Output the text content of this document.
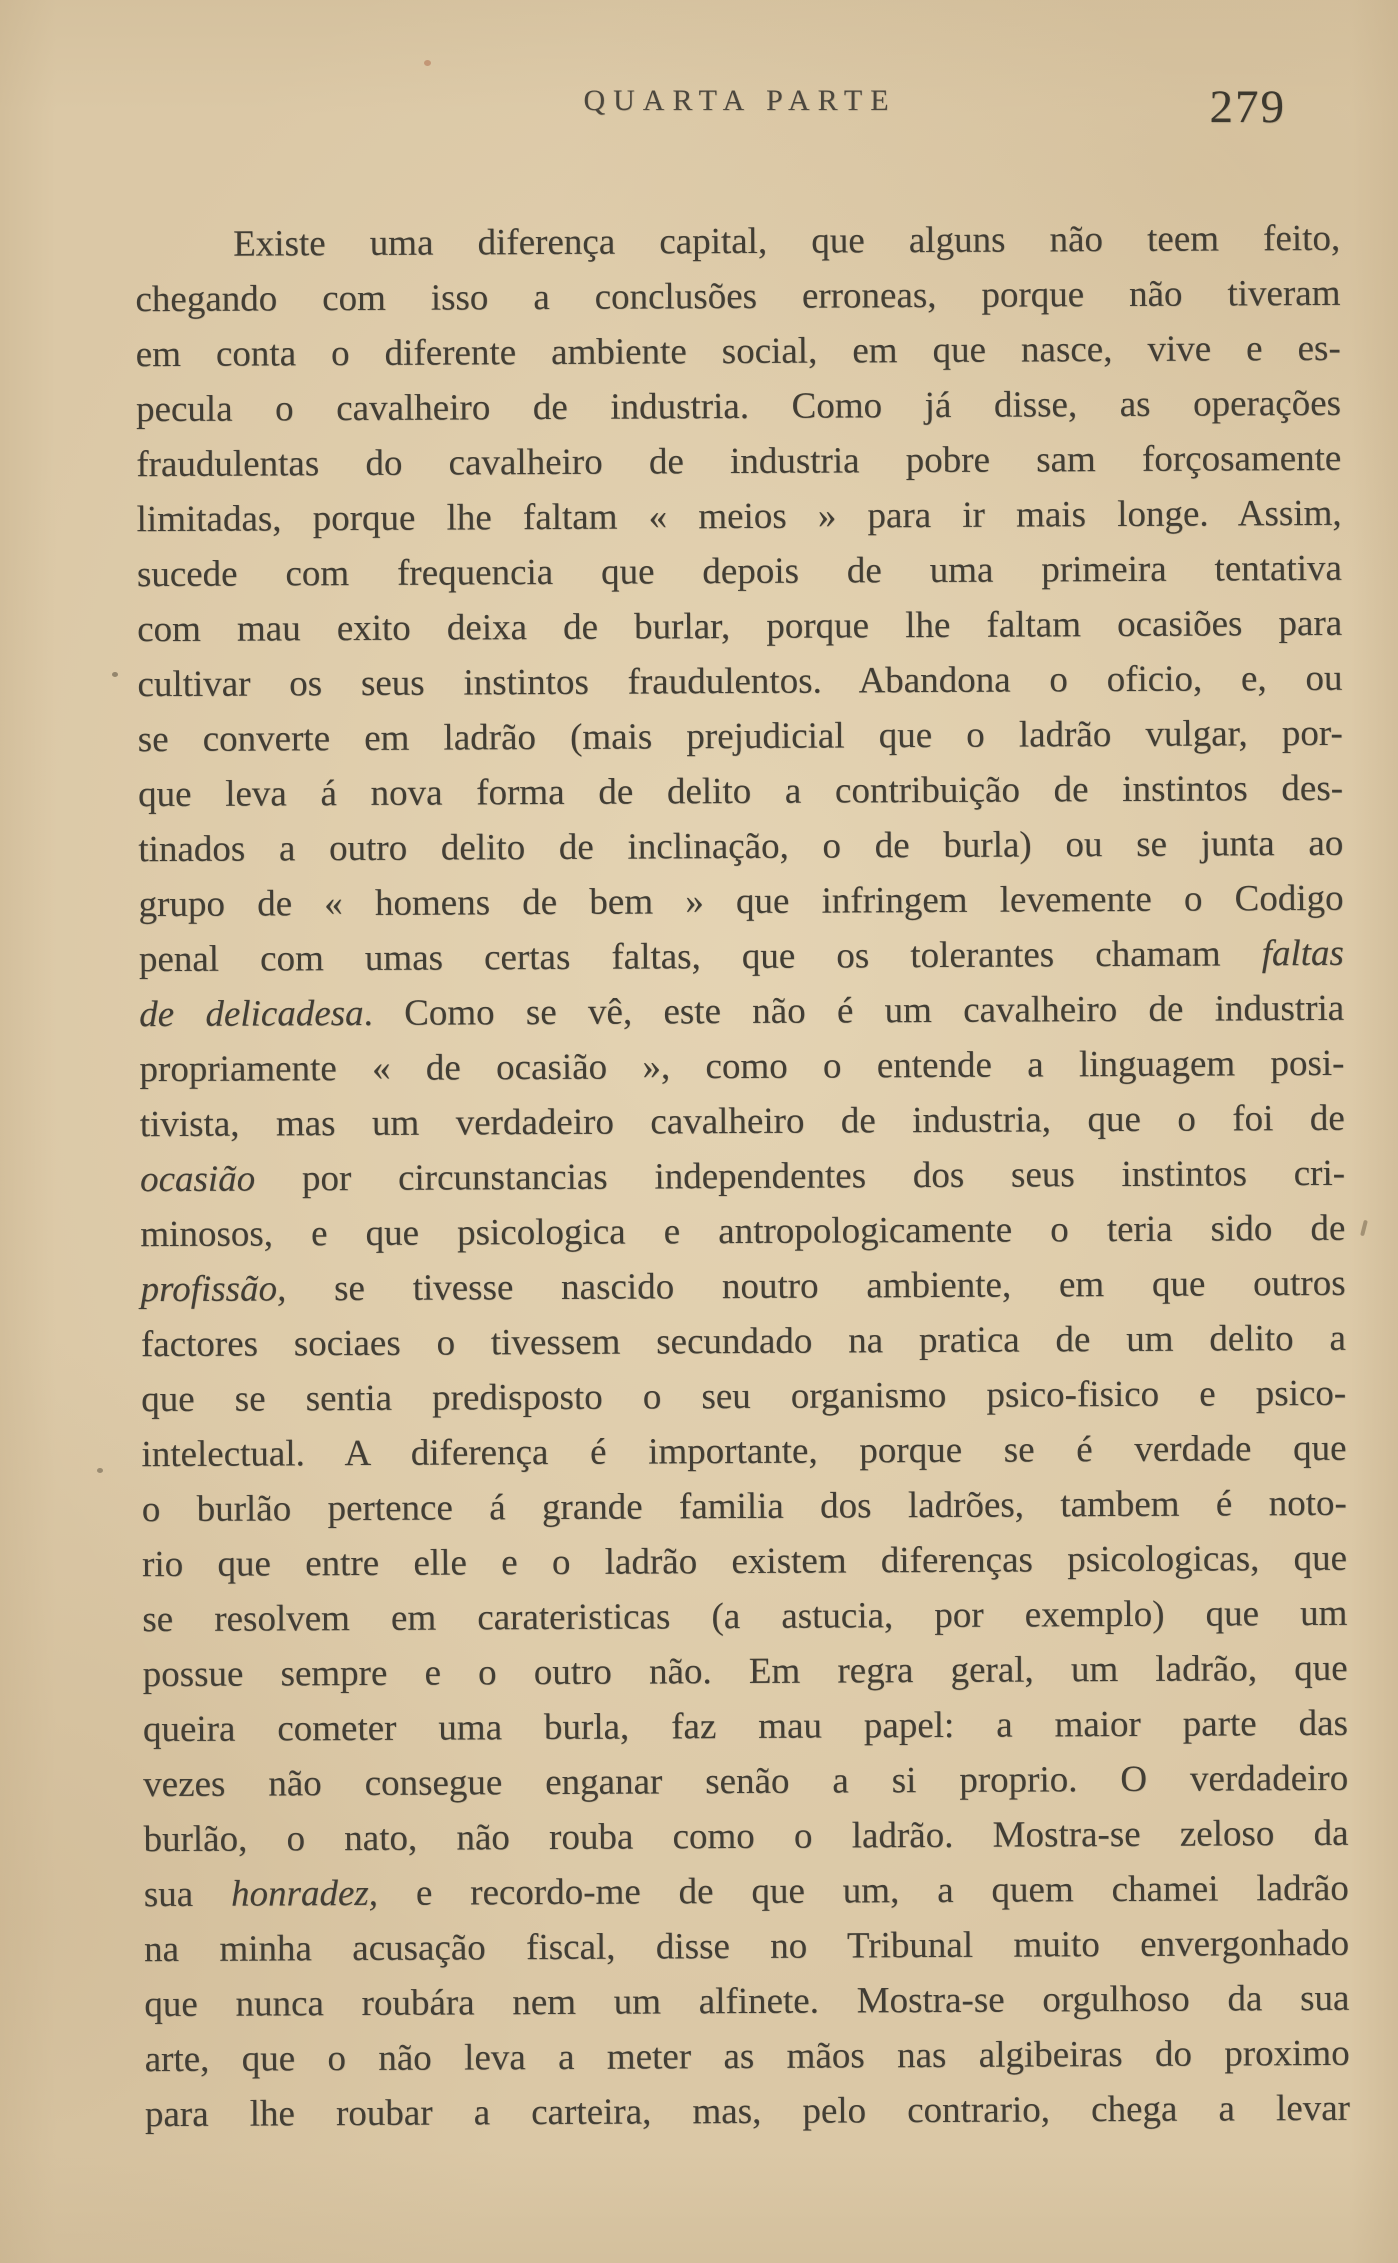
QUARTA PARTE	279
Existe uma diferença capital, que alguns não teem feito,
chegando com isso a conclusões erroneas, porque não tiveram
em conta o diferente ambiente social, em que nasce, vive e es-
pecula o cavalheiro de industria. Como já disse, as operações
fraudulentas do cavalheiro de industria pobre sam forçosamente
limitadas, porque lhe faltam « meios » para ir mais longe. Assim,
sucede com frequencia que depois de uma primeira tentativa
com mau exito deixa de burlar, porque lhe faltam ocasiões para
cultivar os seus instintos fraudulentos. Abandona o oficio, e, ou
se converte em ladrão (mais prejudicial que o ladrão vulgar, por-
que leva á nova forma de delito a contribuição de instintos des-
tinados a outro delito de inclinação, o de burla) ou se junta ao
grupo de « homens de bem » que infringem levemente o Codigo
penal com umas certas faltas, que os tolerantes chamam faltas
de delicadesa. Como se vê, este não é um cavalheiro de industria
propriamente « de ocasião », como o entende a linguagem posi-
tivista, mas um verdadeiro cavalheiro de industria, que o foi de
ocasião por circunstancias independentes dos seus instintos cri-
minosos, e que psicologica e antropologicamente o teria sido de
profissão, se tivesse nascido noutro ambiente, em que outros
factores sociaes o tivessem secundado na pratica de um delito a
que se sentia predisposto o seu organismo psico-fisico e psico-
intelectual. A diferença é importante, porque se é verdade que
o burlão pertence á grande familia dos ladrões, tambem é noto-
rio que entre elle e o ladrão existem diferenças psicologicas, que
se resolvem em carateristicas (a astucia, por exemplo) que um
possue sempre e o outro não. Em regra geral, um ladrão, que
queira cometer uma burla, faz mau papel: a maior parte das
vezes não consegue enganar senão a si proprio. O verdadeiro
burlão, o nato, não rouba como o ladrão. Mostra-se zeloso da
sua honradez, e recordo-me de que um, a quem chamei ladrão
na minha acusação fiscal, disse no Tribunal muito envergonhado
que nunca roubára nem um alfinete. Mostra-se orgulhoso da sua
arte, que o não leva a meter as mãos nas algibeiras do proximo
para lhe roubar a carteira, mas, pelo contrario, chega a levar
